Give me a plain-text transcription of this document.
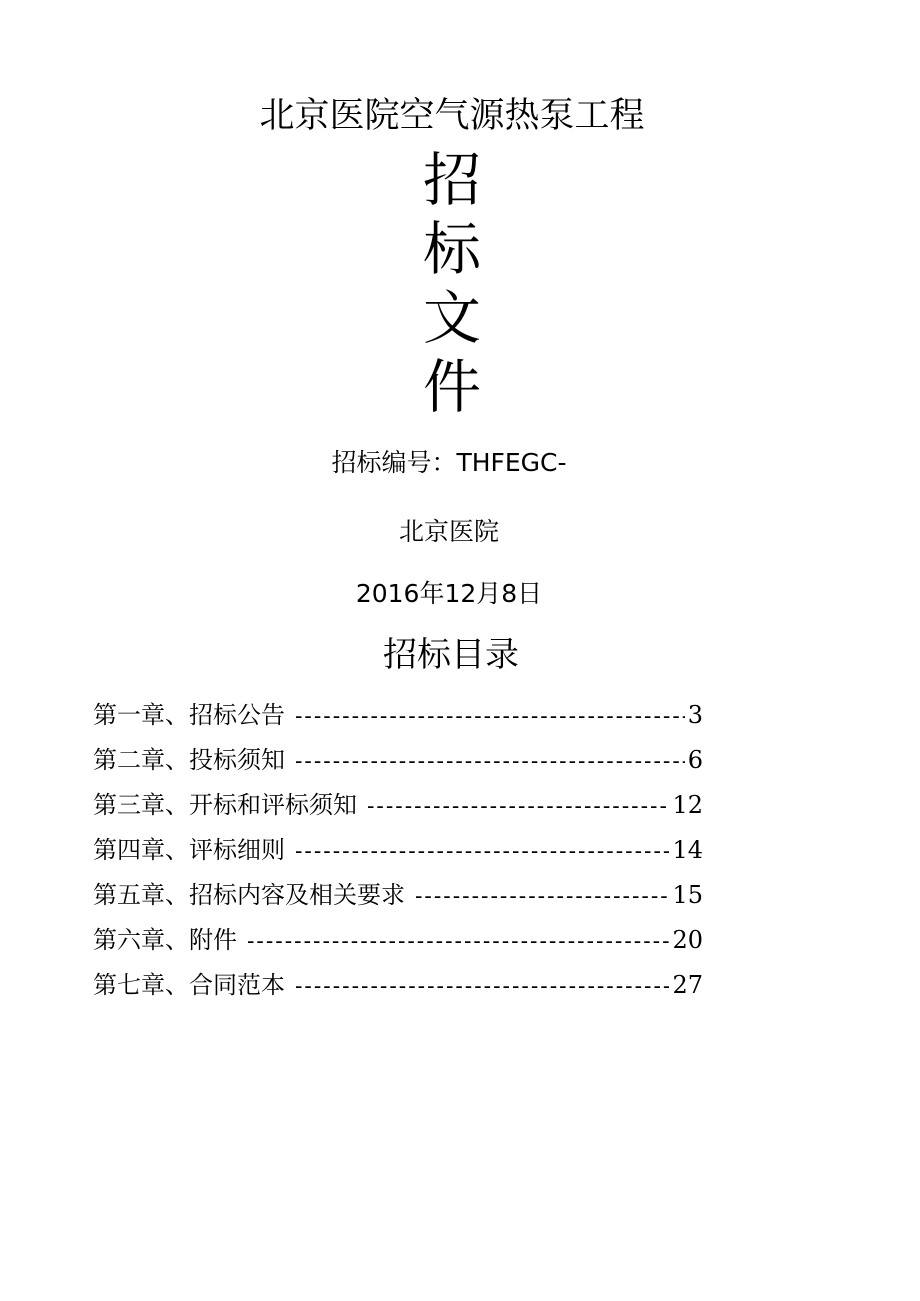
北京医院空气源热泵工程
招
标
文
件
招标编号：THFEGC-
北京医院
2016年12月8日
招标目录
第一章、招标公告 -----	3
第二章、投标须知 -----	6
第三章、开标和评标须知 -----	12
第四章、评标细则 -----	14
第五章、招标内容及相关要求 -----	15
第六章、附件 -----	20
第七章、合同范本 -----	27
